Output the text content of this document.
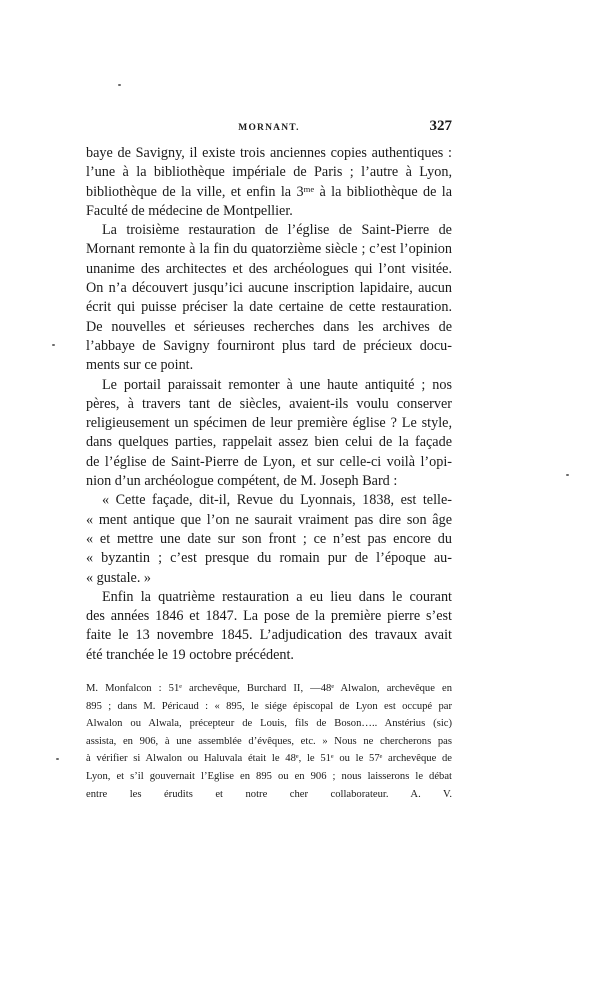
MORNANT.	327
baye de Savigny, il existe trois anciennes copies authentiques :
l’une à la bibliothèque impériale de Paris ; l’autre à Lyon,
bibliothèque de la ville, et enfin la 3ᵐᵉ à la bibliothèque de la
Faculté de médecine de Montpellier.
La troisième restauration de l’église de Saint-Pierre de
Mornant remonte à la fin du quatorzième siècle ; c’est l’opinion
unanime des architectes et des archéologues qui l’ont visitée.
On n’a découvert jusqu’ici aucune inscription lapidaire, aucun
écrit qui puisse préciser la date certaine de cette restauration.
De nouvelles et sérieuses recherches dans les archives de
l’abbaye de Savigny fourniront plus tard de précieux docu-
ments sur ce point.
Le portail paraissait remonter à une haute antiquité ; nos
pères, à travers tant de siècles, avaient-ils voulu conserver
religieusement un spécimen de leur première église ? Le style,
dans quelques parties, rappelait assez bien celui de la façade
de l’église de Saint-Pierre de Lyon, et sur celle-ci voilà l’opi-
nion d’un archéologue compétent, de M. Joseph Bard :
« Cette façade, dit-il, Revue du Lyonnais, 1838, est telle-
« ment antique que l’on ne saurait vraiment pas dire son âge
« et mettre une date sur son front ; ce n’est pas encore du
« byzantin ; c’est presque du romain pur de l’époque au-
« gustale. »
Enfin la quatrième restauration a eu lieu dans le courant
des années 1846 et 1847. La pose de la première pierre s’est
faite le 13 novembre 1845. L’adjudication des travaux avait
été tranchée le 19 octobre précédent.
M. Monfalcon : 51ᵉ archevêque, Burchard II, —48ᵉ Alwalon, archevêque en
895 ; dans M. Péricaud : « 895, le siége épiscopal de Lyon est occupé par
Alwalon ou Alwala, précepteur de Louis, fils de Boson….. Anstérius (sic)
assista, en 906, à une assemblée d’évêques, etc. » Nous ne chercherons pas
à vérifier si Alwalon ou Haluvala était le 48ᵉ, le 51ᵉ ou le 57ᵉ archevêque de
Lyon, et s’il gouvernait l’Eglise en 895 ou en 906 ; nous laisserons le débat
entre les érudits et notre cher collaborateur. A. V.
